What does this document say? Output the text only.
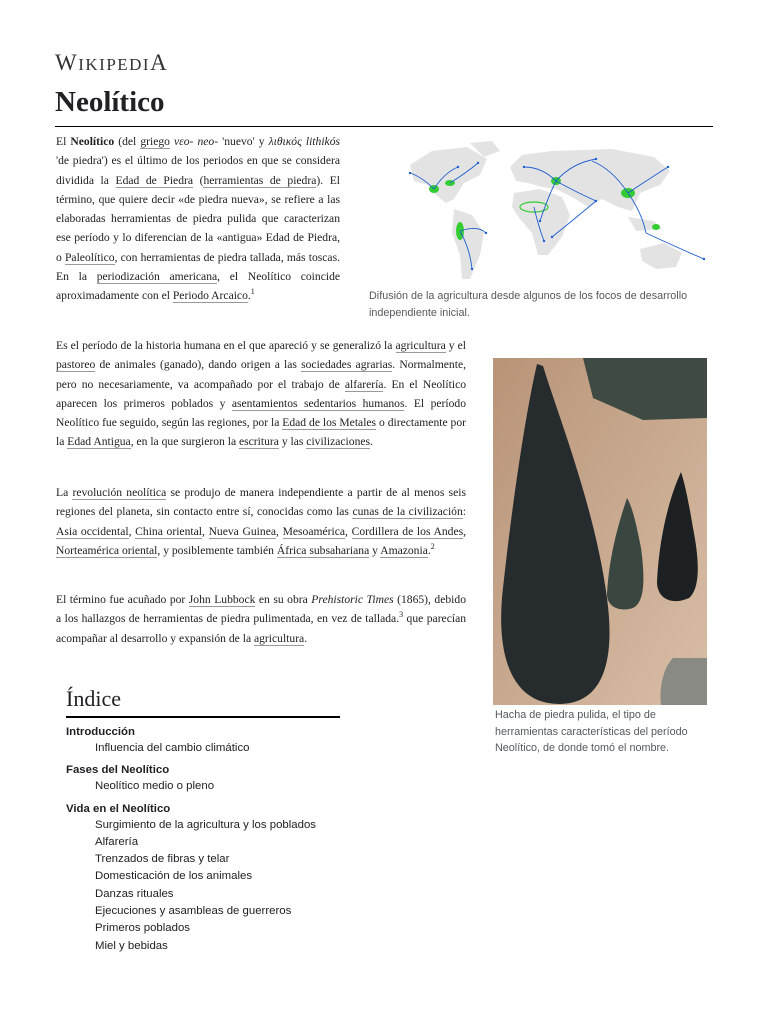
WIKIPEDIA
Neolítico

El Neolítico (del griego νεο- neo- 'nuevo' y λιθικός lithikós 'de piedra') es el último de los periodos en que se considera dividida la Edad de Piedra (herramientas de piedra). El término, que quiere decir «de piedra nueva», se refiere a las elaboradas herramientas de piedra pulida que caracterizan ese período y lo diferencian de la «antigua» Edad de Piedra, o Paleolítico, con herramientas de piedra tallada, más toscas. En la periodización americana, el Neolítico coincide aproximadamente con el Periodo Arcaico.$^1$	Difusión de la agricultura desde algunos de los focos de desarrollo independiente inicial.

Es el período de la historia humana en el que apareció y se generalizó la agricultura y el pastoreo de animales (ganado), dando origen a las sociedades agrarias. Normalmente, pero no necesariamente, va acompañado por el trabajo de alfarería. En el Neolítico aparecen los primeros poblados y asentamientos sedentarios humanos. El período Neolítico fue seguido, según las regiones, por la Edad de los Metales o directamente por la Edad Antigua, en la que surgieron la escritura y las civilizaciones.

Hacha de piedra pulida, el tipo de herramientas características del período Neolítico, de donde tomó el nombre.

La revolución neolítica se produjo de manera independiente a partir de al menos seis regiones del planeta, sin contacto entre sí, conocidas como las cunas de la civilización: Asia occidental, China oriental, Nueva Guinea, Mesoamérica, Cordillera de los Andes, Norteamérica oriental, y posiblemente también África subsahariana y Amazonia.$^2$

El término fue acuñado por John Lubbock en su obra Prehistoric Times (1865), debido a los hallazgos de herramientas de piedra pulimentada, en vez de tallada.$^3$ que parecían acompañar al desarrollo y expansión de la agricultura.

Índice
Introducción
Influencia del cambio climático
Fases del Neolítico
Neolítico medio o pleno
Vida en el Neolítico
Surgimiento de la agricultura y los poblados
Alfarería
Trenzados de fibras y telar
Domesticación de los animales
Danzas rituales
Ejecuciones y asambleas de guerreros
Primeros poblados
Miel y bebidas
